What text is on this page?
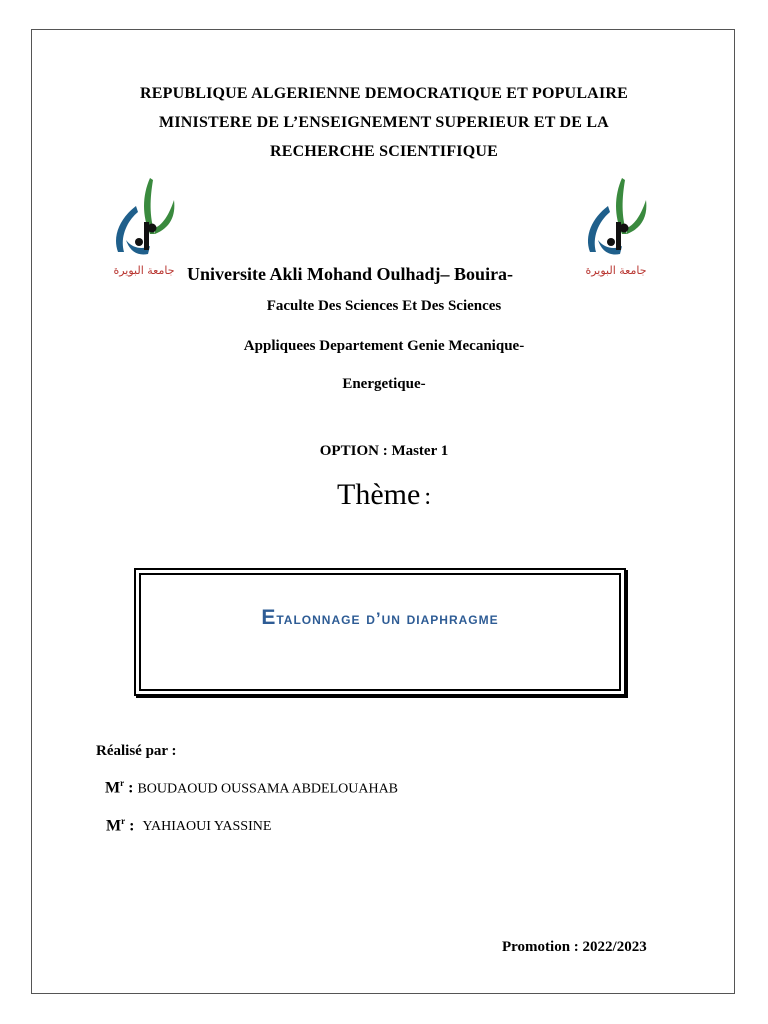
REPUBLIQUE ALGERIENNE DEMOCRATIQUE ET POPULAIRE
MINISTERE DE L’ENSEIGNEMENT SUPERIEUR ET DE LA
RECHERCHE SCIENTIFIQUE
جامعة البويرة	جامعة البويرة
Universite Akli Mohand Oulhadj– Bouira-
Faculte Des Sciences Et Des Sciences
Appliquees Departement Genie Mecanique-
Energetique-
OPTION : Master 1
Thème :
Etalonnage d’un diaphragme
Réalisé par :
$M^r$ : BOUDAOUD OUSSAMA ABDELOUAHAB
$M^r$ : YAHIAOUI YASSINE
Promotion : 2022/2023
